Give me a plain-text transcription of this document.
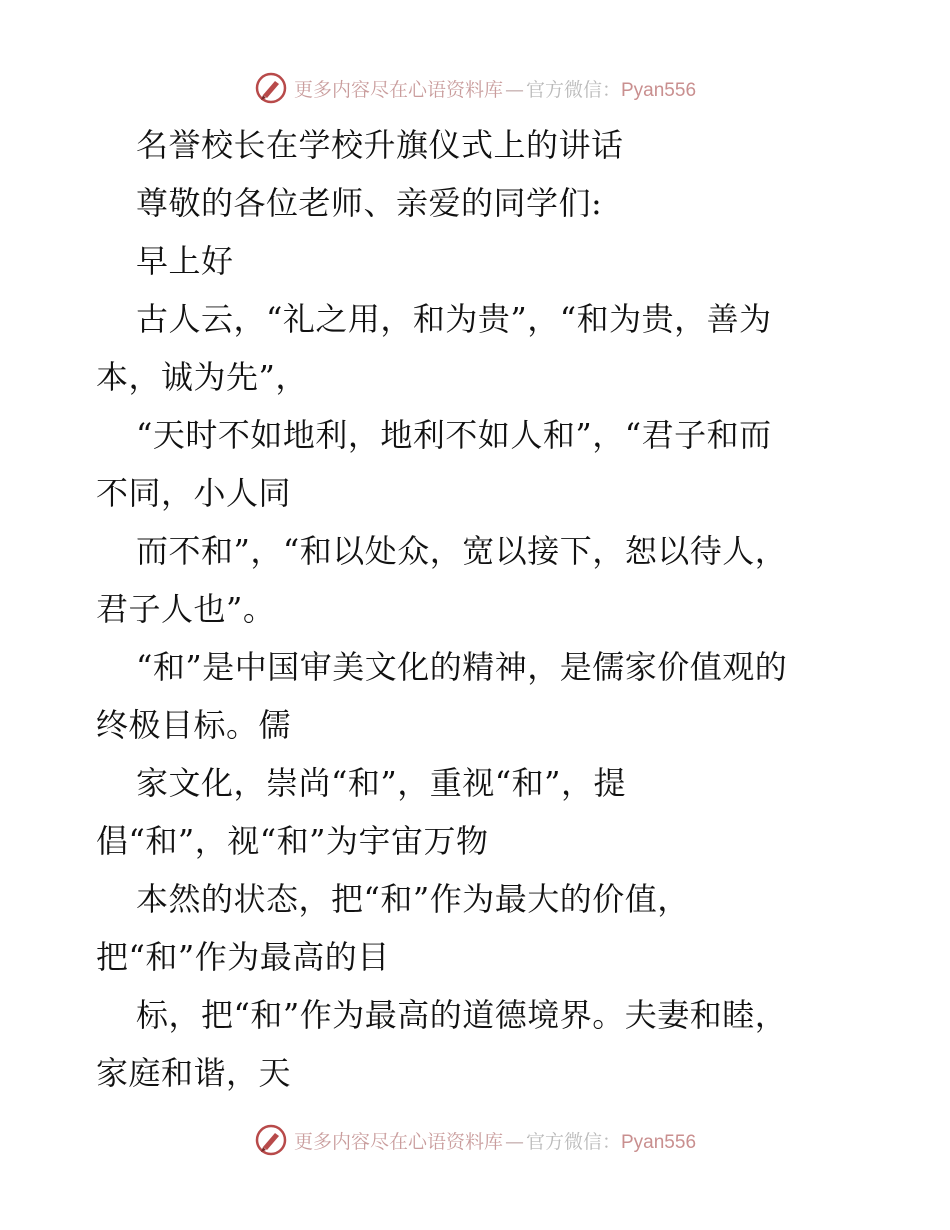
更多内容尽在心语资料库 — 官方微信：Pyan556
名誉校长在学校升旗仪式上的讲话
尊敬的各位老师、亲爱的同学们:
早上好
古人云，“礼之用，和为贵”，“和为贵，善为
本，诚为先”，
“天时不如地利，地利不如人和”，“君子和而
不同，小人同
而不和”，“和以处众，宽以接下，恕以待人，
君子人也”。
“和”是中国审美文化的精神，是儒家价值观的
终极目标。儒
家文化，崇尚“和”，重视“和”，提
倡“和”，视“和”为宇宙万物
本然的状态，把“和”作为最大的价值，
把“和”作为最高的目
标，把“和”作为最高的道德境界。夫妻和睦，
家庭和谐，天
更多内容尽在心语资料库 — 官方微信：Pyan556
